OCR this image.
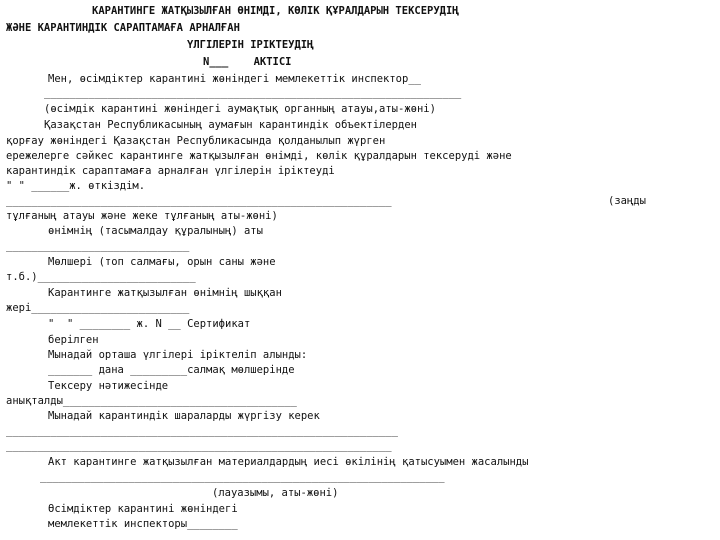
КАРАНТИНГЕ ЖАТҚЫЗЫЛҒАН ӨНІМДІ, КӨЛІК ҚҰРАЛДАРЫН ТЕКСЕРУДІҢ
ЖӘНЕ КАРАНТИНДІК САРАПТАМАҒА АРНАЛҒАН
ҮЛГІЛЕРІН ІРІКТЕУДІҢ
N___    АКТІСІ
Мен, өсімдіктер карантині жөніндегі мемлекеттік инспектор__
__________________________________________________________________
(өсімдік карантині жөніндегі аумақтық органның атауы,аты-жөні)
Қазақстан Республикасының аумағын карантиндік объектілерден
қорғау жөніндегі Қазақстан Республикасында қолданылып жүрген
ережелерге сәйкес карантинге жатқызылған өнімді, көлік құралдарын тексеруді және
карантиндік сараптамаға арналған үлгілерін іріктеуді
" " ______ж. өткіздім.
_____________________________________________________________	(заңды
тұлғаның атауы және жеке тұлғаның аты-жөні)
өнімнің (тасымалдау құралының) аты
_____________________________
Мөлшері (топ салмағы, орын саны және
т.б.)_________________________
Карантинге жатқызылған өнімнің шыққан
жері_________________________
"  " ________ ж. N __ Сертификат
берілген
Мынадай орташа үлгілері іріктеліп алынды:
_______ дана _________салмақ мөлшерінде
Тексеру нәтижесінде
анықталды_____________________________________
Мынадай карантиндік шараларды жүргізу керек
______________________________________________________________
_____________________________________________________________
Акт карантинге жатқызылған материалдардың иесі өкілінің қатысуымен жасалынды
________________________________________________________________
(лауазымы, аты-жөні)
Өсімдіктер карантині жөніндегі
мемлекеттік инспекторы________
